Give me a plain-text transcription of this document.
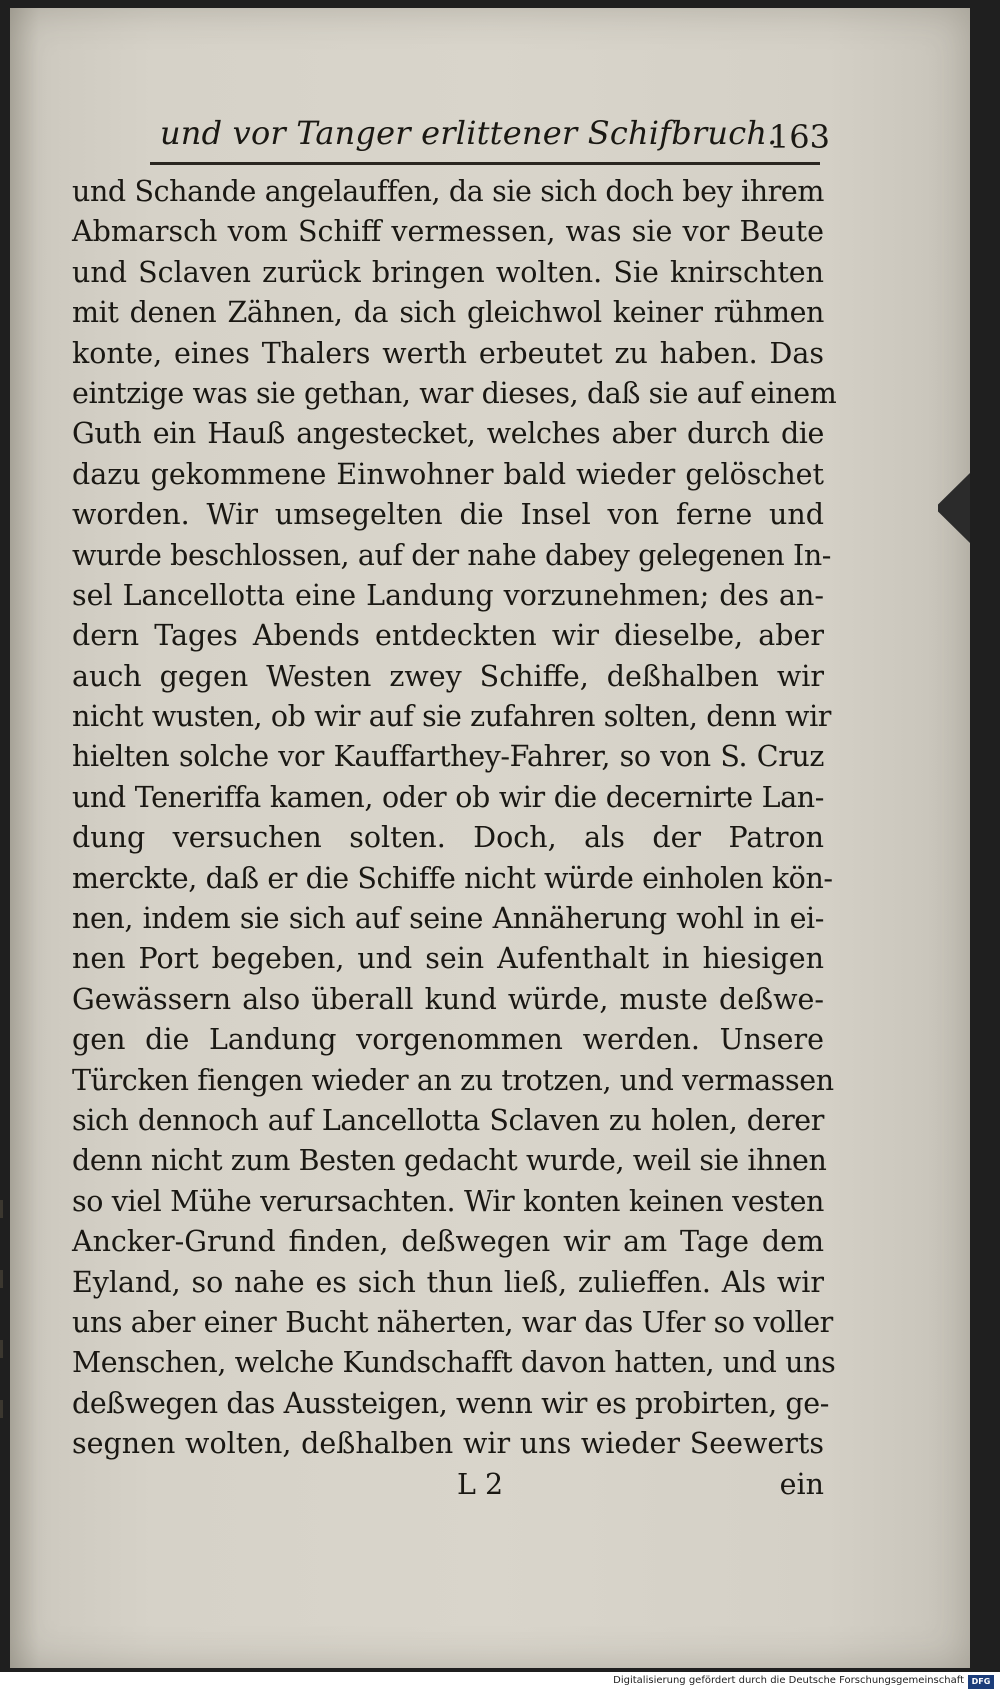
und vor Tanger erlittener Schifbruch.
163
und Schande angelauffen, da sie sich doch bey ihrem
Abmarsch vom Schiff vermessen, was sie vor Beute
und Sclaven zurück bringen wolten. Sie knirschten
mit denen Zähnen, da sich gleichwol keiner rühmen
konte, eines Thalers werth erbeutet zu haben. Das
eintzige was sie gethan, war dieses, daß sie auf einem
Guth ein Hauß angestecket, welches aber durch die
dazu gekommene Einwohner bald wieder gelöschet
worden. Wir umsegelten die Insel von ferne und
wurde beschlossen, auf der nahe dabey gelegenen In-
sel Lancellotta eine Landung vorzunehmen; des an-
dern Tages Abends entdeckten wir dieselbe, aber
auch gegen Westen zwey Schiffe, deßhalben wir
nicht wusten, ob wir auf sie zufahren solten, denn wir
hielten solche vor Kauffarthey-Fahrer, so von S. Cruz
und Teneriffa kamen, oder ob wir die decernirte Lan-
dung versuchen solten. Doch, als der Patron
merckte, daß er die Schiffe nicht würde einholen kön-
nen, indem sie sich auf seine Annäherung wohl in ei-
nen Port begeben, und sein Aufenthalt in hiesigen
Gewässern also überall kund würde, muste deßwe-
gen die Landung vorgenommen werden. Unsere
Türcken fiengen wieder an zu trotzen, und vermassen
sich dennoch auf Lancellotta Sclaven zu holen, derer
denn nicht zum Besten gedacht wurde, weil sie ihnen
so viel Mühe verursachten. Wir konten keinen vesten
Ancker-Grund finden, deßwegen wir am Tage dem
Eyland, so nahe es sich thun ließ, zulieffen. Als wir
uns aber einer Bucht näherten, war das Ufer so voller
Menschen, welche Kundschafft davon hatten, und uns
deßwegen das Aussteigen, wenn wir es probirten, ge-
segnen wolten, deßhalben wir uns wieder Seewerts
L 2	ein
Digitalisierung gefördert durch die Deutsche Forschungsgemeinschaft DFG
